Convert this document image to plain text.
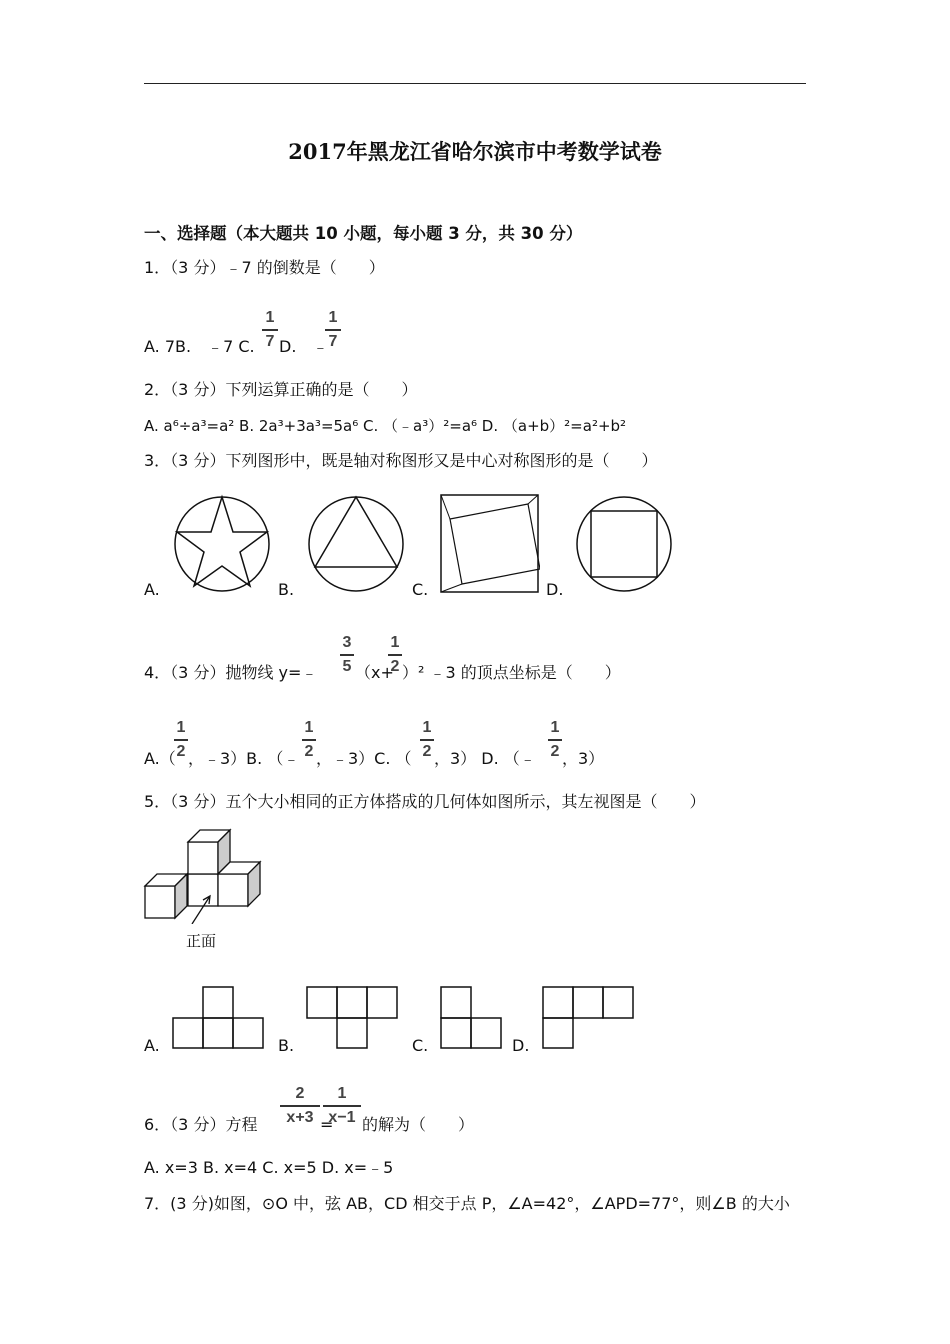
2017年黑龙江省哈尔滨市中考数学试卷
一、选择题（本大题共 10 小题，每小题 3 分，共 30 分）
1．（3 分）﹣7 的倒数是（　　）
A. 7B.　﹣7 C.
1
7 D.　﹣
1
7
2．（3 分）下列运算正确的是（　　）
A. a⁶÷a³=a² B. 2a³+3a³=5a⁶ C. （﹣a³）²=a⁶ D. （a+b）²=a²+b²
3．（3 分）下列图形中，既是轴对称图形又是中心对称图形的是（　　）
A.	B.	C.	D.
4．（3 分）抛物线 y=﹣
3
5 （x+
1
2 ）² ﹣3 的顶点坐标是（　　）
A.（
1
2 ，﹣3）B. （﹣
1
2 ，﹣3）C. （
1
2 ，3） D. （﹣
1
2 ，3）
5．（3 分）五个大小相同的正方体搭成的几何体如图所示，其左视图是（　　）
正面
A.	B.	C.	D.
6．（3 分）方程
2
x+3 =
1
x−1 的解为（　　）
A. x=3 B. x=4 C. x=5 D. x=﹣5
7．(3 分)如图，⊙O 中，弦 AB，CD 相交于点 P，∠A=42°，∠APD=77°，则∠B 的大小
